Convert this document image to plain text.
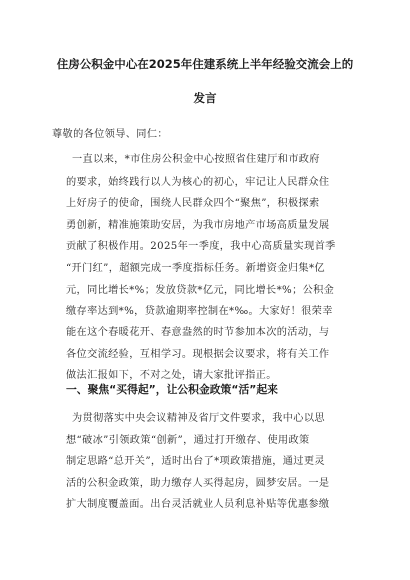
住房公积金中心在2025年住建系统上半年经验交流会上的
发言
尊敬的各位领导、同仁：
一直以来，*市住房公积金中心按照省住建厅和市政府
的要求，始终践行以人为核心的初心，牢记让人民群众住
上好房子的使命，围绕人民群众四个“聚焦”，积极探索
勇创新，精准施策助安居，为我市房地产市场高质量发展
贡献了积极作用。2025年一季度，我中心高质量实现首季
“开门红”，超额完成一季度指标任务。新增资金归集*亿
元，同比增长*%；发放贷款*亿元，同比增长*%；公积金
缴存率达到*%，贷款逾期率控制在*‰。大家好！很荣幸
能在这个春暖花开、春意盎然的时节参加本次的活动，与
各位交流经验，互相学习。现根据会议要求，将有关工作
做法汇报如下，不对之处，请大家批评指正。
一、聚焦“买得起”，让公积金政策“活”起来
为贯彻落实中央会议精神及省厅文件要求，我中心以思
想“破冰”引领政策“创新”，通过打开缴存、使用政策
制定思路“总开关”，适时出台了*项政策措施，通过更灵
活的公积金政策，助力缴存人买得起房，圆梦安居。一是
扩大制度覆盖面。出台灵活就业人员利息补贴等优惠参缴
